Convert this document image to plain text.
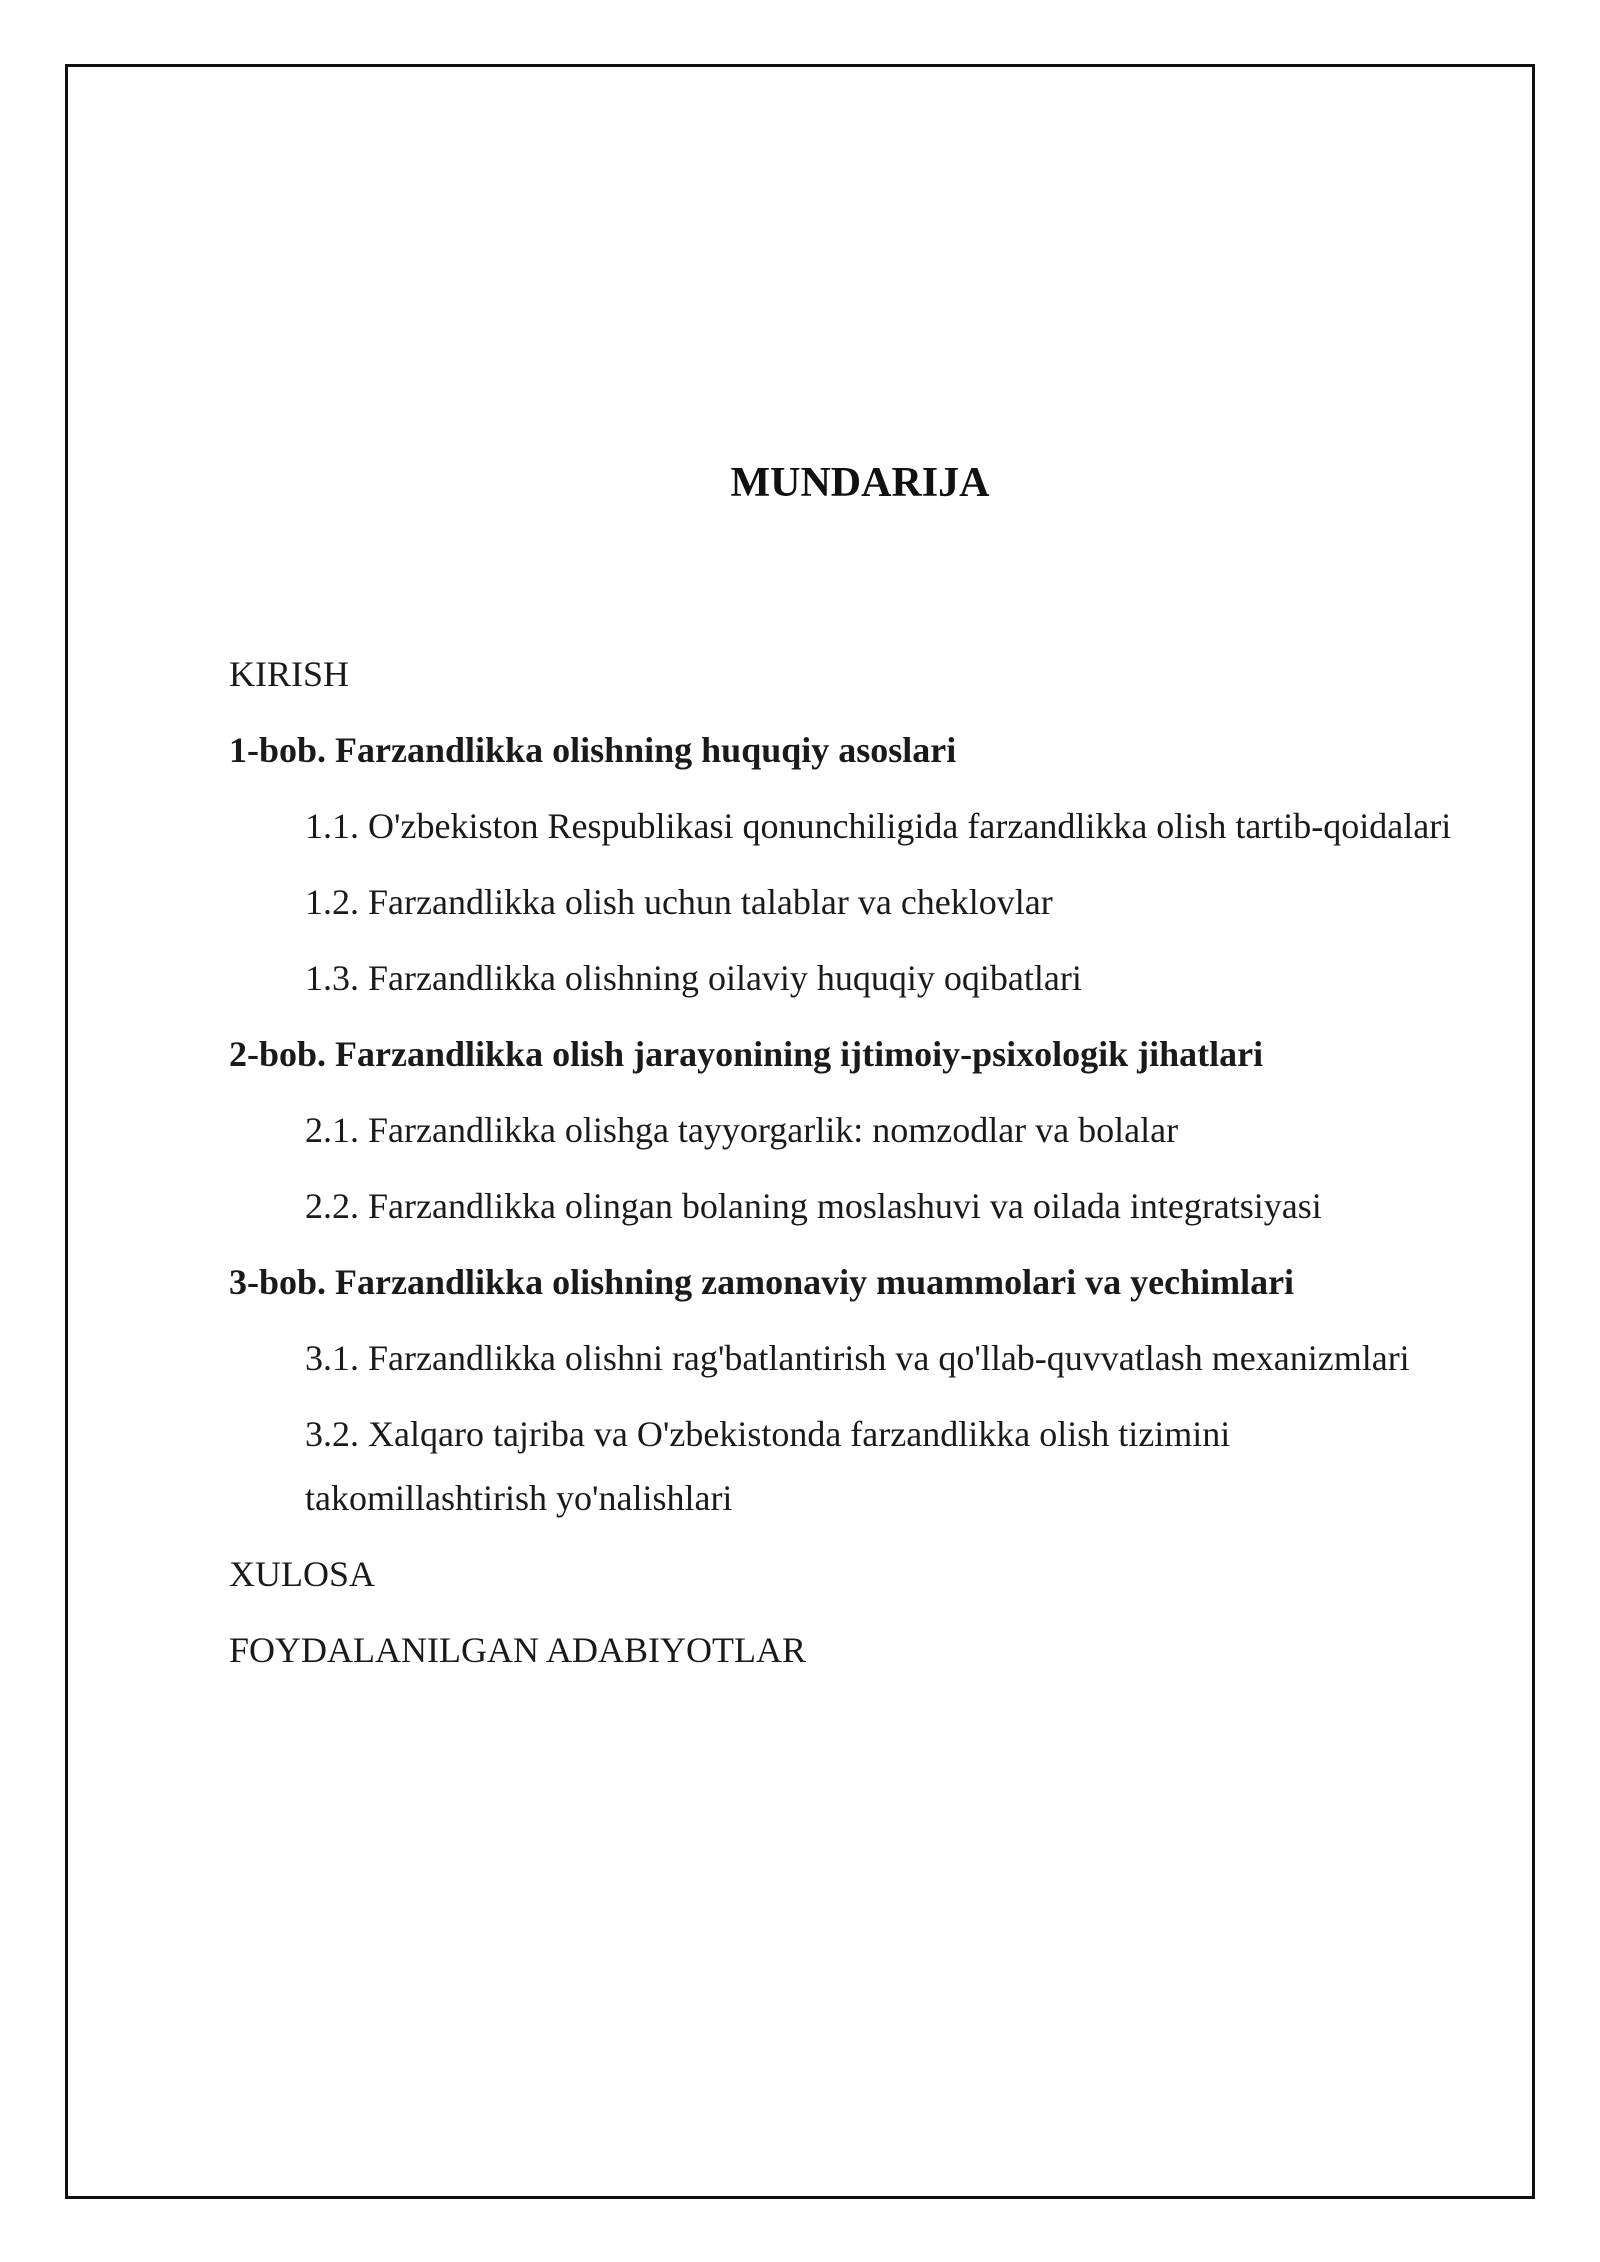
MUNDARIJA
KIRISH
1-bob. Farzandlikka olishning huquqiy asoslari
1.1. O'zbekiston Respublikasi qonunchiligida farzandlikka olish tartib-qoidalari
1.2. Farzandlikka olish uchun talablar va cheklovlar
1.3. Farzandlikka olishning oilaviy huquqiy oqibatlari
2-bob. Farzandlikka olish jarayonining ijtimoiy-psixologik jihatlari
2.1. Farzandlikka olishga tayyorgarlik: nomzodlar va bolalar
2.2. Farzandlikka olingan bolaning moslashuvi va oilada integratsiyasi
3-bob. Farzandlikka olishning zamonaviy muammolari va yechimlari
3.1. Farzandlikka olishni rag'batlantirish va qo'llab-quvvatlash mexanizmlari
3.2. Xalqaro tajriba va O'zbekistonda farzandlikka olish tizimini takomillashtirish yo'nalishlari
XULOSA
FOYDALANILGAN ADABIYOTLAR
